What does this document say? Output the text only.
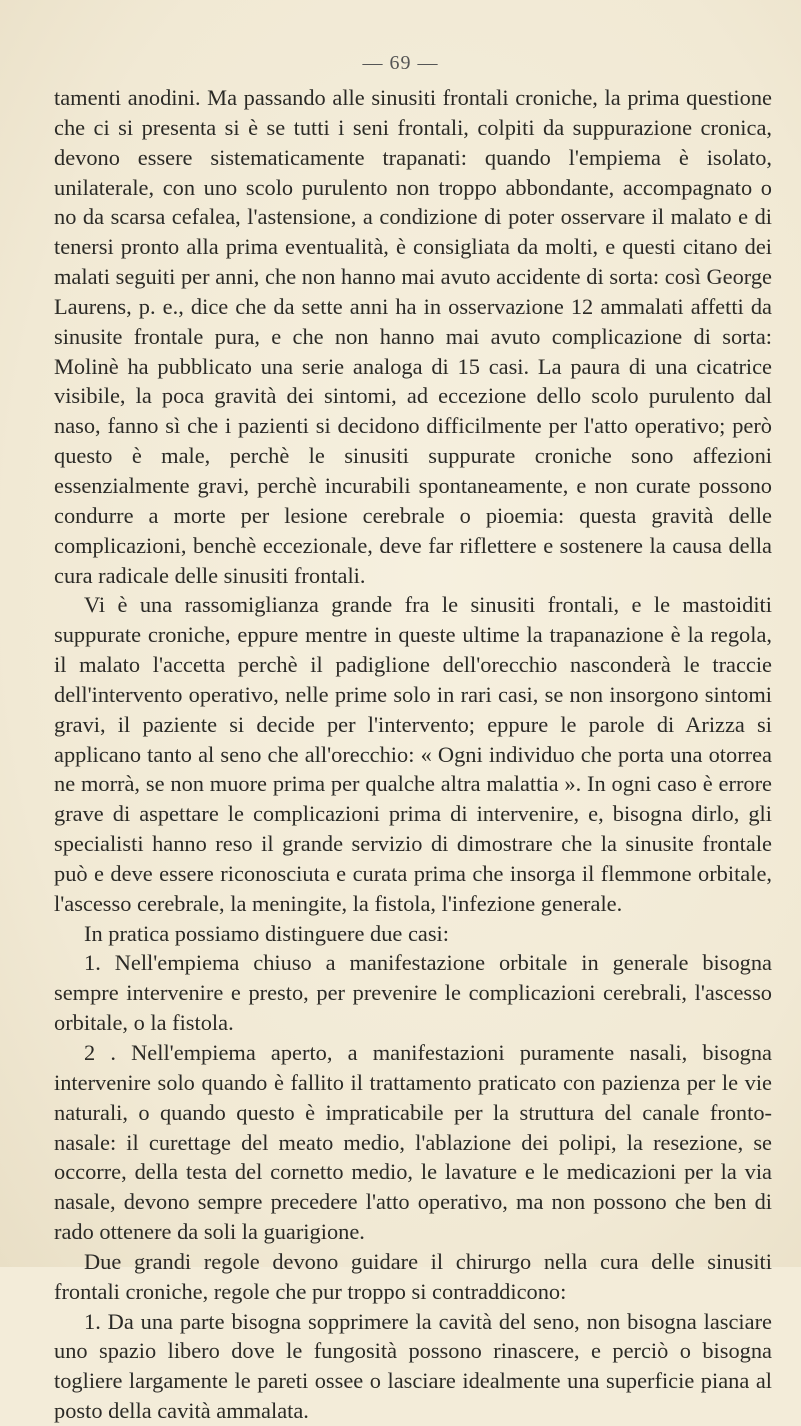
— 69 —

tamenti anodini. Ma passando alle sinusiti frontali croniche, la prima questione che ci si presenta si è se tutti i seni frontali, colpiti da suppurazione cronica, devono essere sistematicamente trapanati: quando l'empiema è isolato, unilaterale, con uno scolo purulento non troppo abbondante, accompagnato o no da scarsa cefalea, l'astensione, a condizione di poter osservare il malato e di tenersi pronto alla prima eventualità, è consigliata da molti, e questi citano dei malati seguiti per anni, che non hanno mai avuto accidente di sorta: così George Laurens, p. e., dice che da sette anni ha in osservazione 12 ammalati affetti da sinusite frontale pura, e che non hanno mai avuto complicazione di sorta: Molinè ha pubblicato una serie analoga di 15 casi. La paura di una cicatrice visibile, la poca gravità dei sintomi, ad eccezione dello scolo purulento dal naso, fanno sì che i pazienti si decidono difficilmente per l'atto operativo; però questo è male, perchè le sinusiti suppurate croniche sono affezioni essenzialmente gravi, perchè incurabili spontaneamente, e non curate possono condurre a morte per lesione cerebrale o pioemia: questa gravità delle complicazioni, benchè eccezionale, deve far riflettere e sostenere la causa della cura radicale delle sinusiti frontali.

Vi è una rassomiglianza grande fra le sinusiti frontali, e le mastoiditi suppurate croniche, eppure mentre in queste ultime la trapanazione è la regola, il malato l'accetta perchè il padiglione dell'orecchio nasconderà le traccie dell'intervento operativo, nelle prime solo in rari casi, se non insorgono sintomi gravi, il paziente si decide per l'intervento; eppure le parole di Arizza si applicano tanto al seno che all'orecchio: « Ogni individuo che porta una otorrea ne morrà, se non muore prima per qualche altra malattia ». In ogni caso è errore grave di aspettare le complicazioni prima di intervenire, e, bisogna dirlo, gli specialisti hanno reso il grande servizio di dimostrare che la sinusite frontale può e deve essere riconosciuta e curata prima che insorga il flemmone orbitale, l'ascesso cerebrale, la meningite, la fistola, l'infezione generale.

In pratica possiamo distinguere due casi:

1. Nell'empiema chiuso a manifestazione orbitale in generale bisogna sempre intervenire e presto, per prevenire le complicazioni cerebrali, l'ascesso orbitale, o la fistola.

2 . Nell'empiema aperto, a manifestazioni puramente nasali, bisogna intervenire solo quando è fallito il trattamento praticato con pazienza per le vie naturali, o quando questo è impraticabile per la struttura del canale fronto-nasale: il curettage del meato medio, l'ablazione dei polipi, la resezione, se occorre, della testa del cornetto medio, le lavature e le medicazioni per la via nasale, devono sempre precedere l'atto operativo, ma non possono che ben di rado ottenere da soli la guarigione.

Due grandi regole devono guidare il chirurgo nella cura delle sinusiti frontali croniche, regole che pur troppo si contraddicono:

1. Da una parte bisogna sopprimere la cavità del seno, non bisogna lasciare uno spazio libero dove le fungosità possono rinascere, e perciò o bisogna togliere largamente le pareti ossee o lasciare idealmente una superficie piana al posto della cavità ammalata.
